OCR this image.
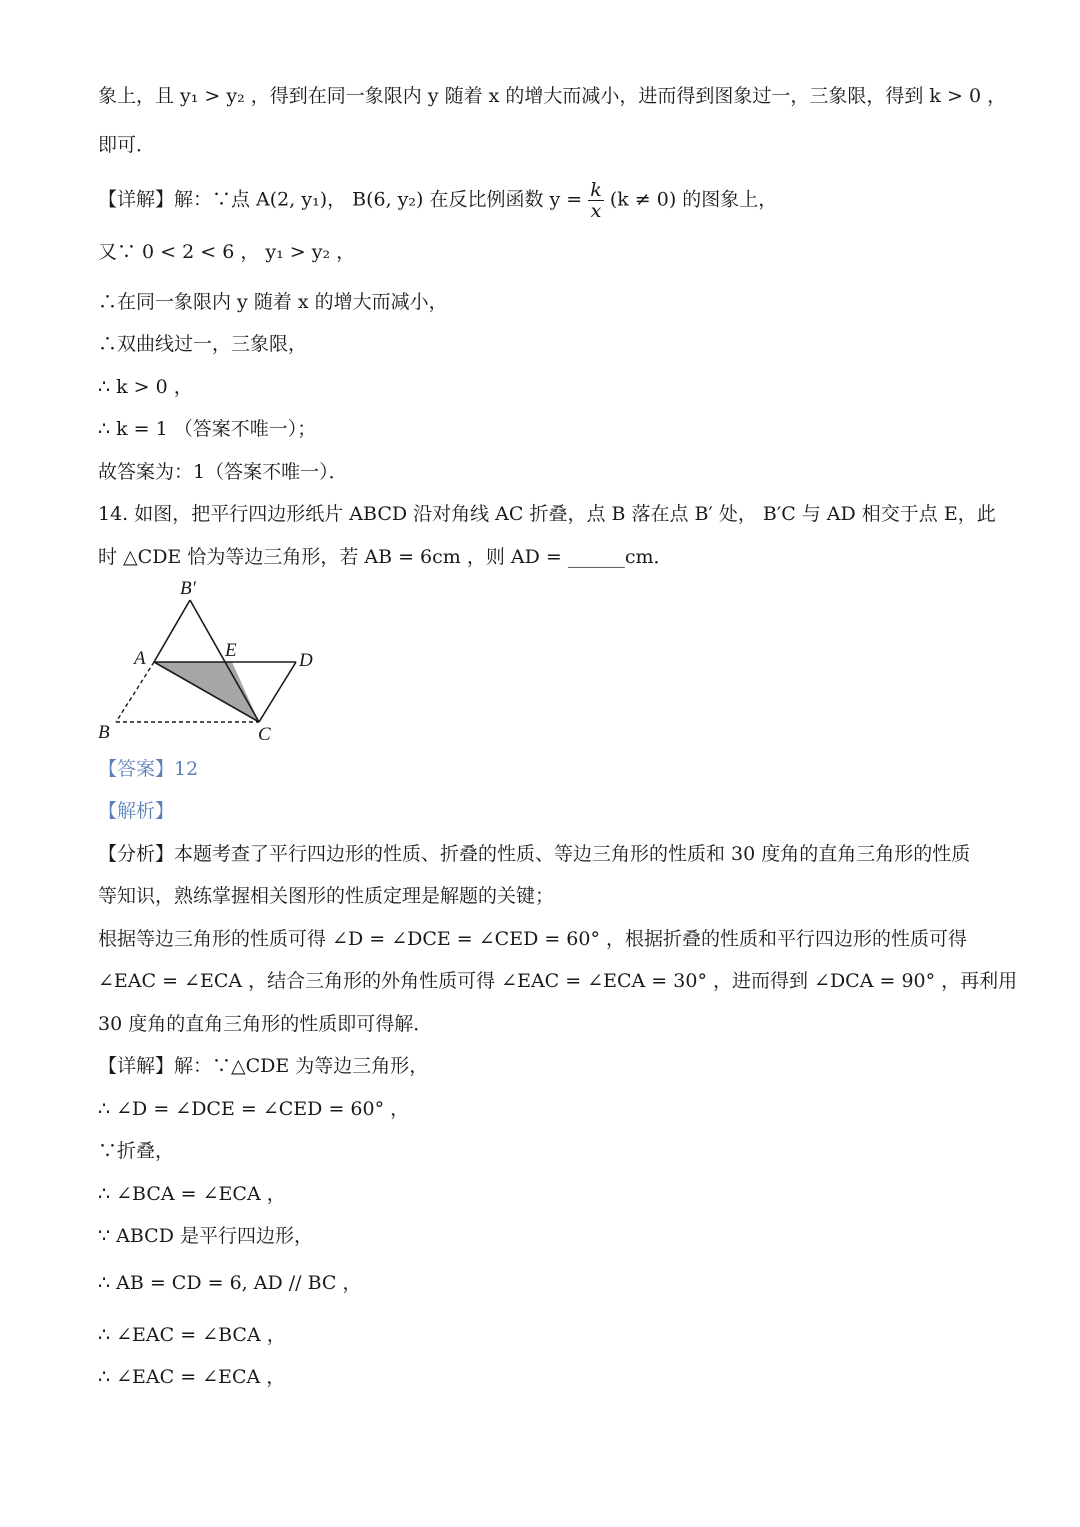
象上，且 y₁ > y₂ ，得到在同一象限内 y 随着 x 的增大而减小，进而得到图象过一，三象限，得到 k > 0 ，
即可．
【详解】解：∵点 A(2, y₁)， B(6, y₂) 在反比例函数 $y = \frac{k}{x} (k \ne 0)$ 的图象上，
又∵ 0 < 2 < 6 ， y₁ > y₂ ，
∴在同一象限内 y 随着 x 的增大而减小，
∴双曲线过一，三象限，
∴ k > 0 ，
∴ k = 1 （答案不唯一）；
故答案为：1（答案不唯一）．
14. 如图，把平行四边形纸片 ABCD 沿对角线 AC 折叠，点 B 落在点 B′ 处， B′C 与 AD 相交于点 E，此
时 △CDE 恰为等边三角形，若 AB = 6cm ，则 AD = ______cm．
B′
A	E	D
B	C
【答案】12
【解析】
【分析】本题考查了平行四边形的性质、折叠的性质、等边三角形的性质和 30 度角的直角三角形的性质
等知识，熟练掌握相关图形的性质定理是解题的关键；
根据等边三角形的性质可得 ∠D = ∠DCE = ∠CED = 60° ，根据折叠的性质和平行四边形的性质可得
∠EAC = ∠ECA ，结合三角形的外角性质可得 ∠EAC = ∠ECA = 30° ，进而得到 ∠DCA = 90° ，再利用
30 度角的直角三角形的性质即可得解．
【详解】解：∵△CDE 为等边三角形，
∴ ∠D = ∠DCE = ∠CED = 60° ，
∵折叠，
∴ ∠BCA = ∠ECA ，
∵ ABCD 是平行四边形，
∴ AB = CD = 6, AD // BC ，
∴ ∠EAC = ∠BCA ，
∴ ∠EAC = ∠ECA ，
